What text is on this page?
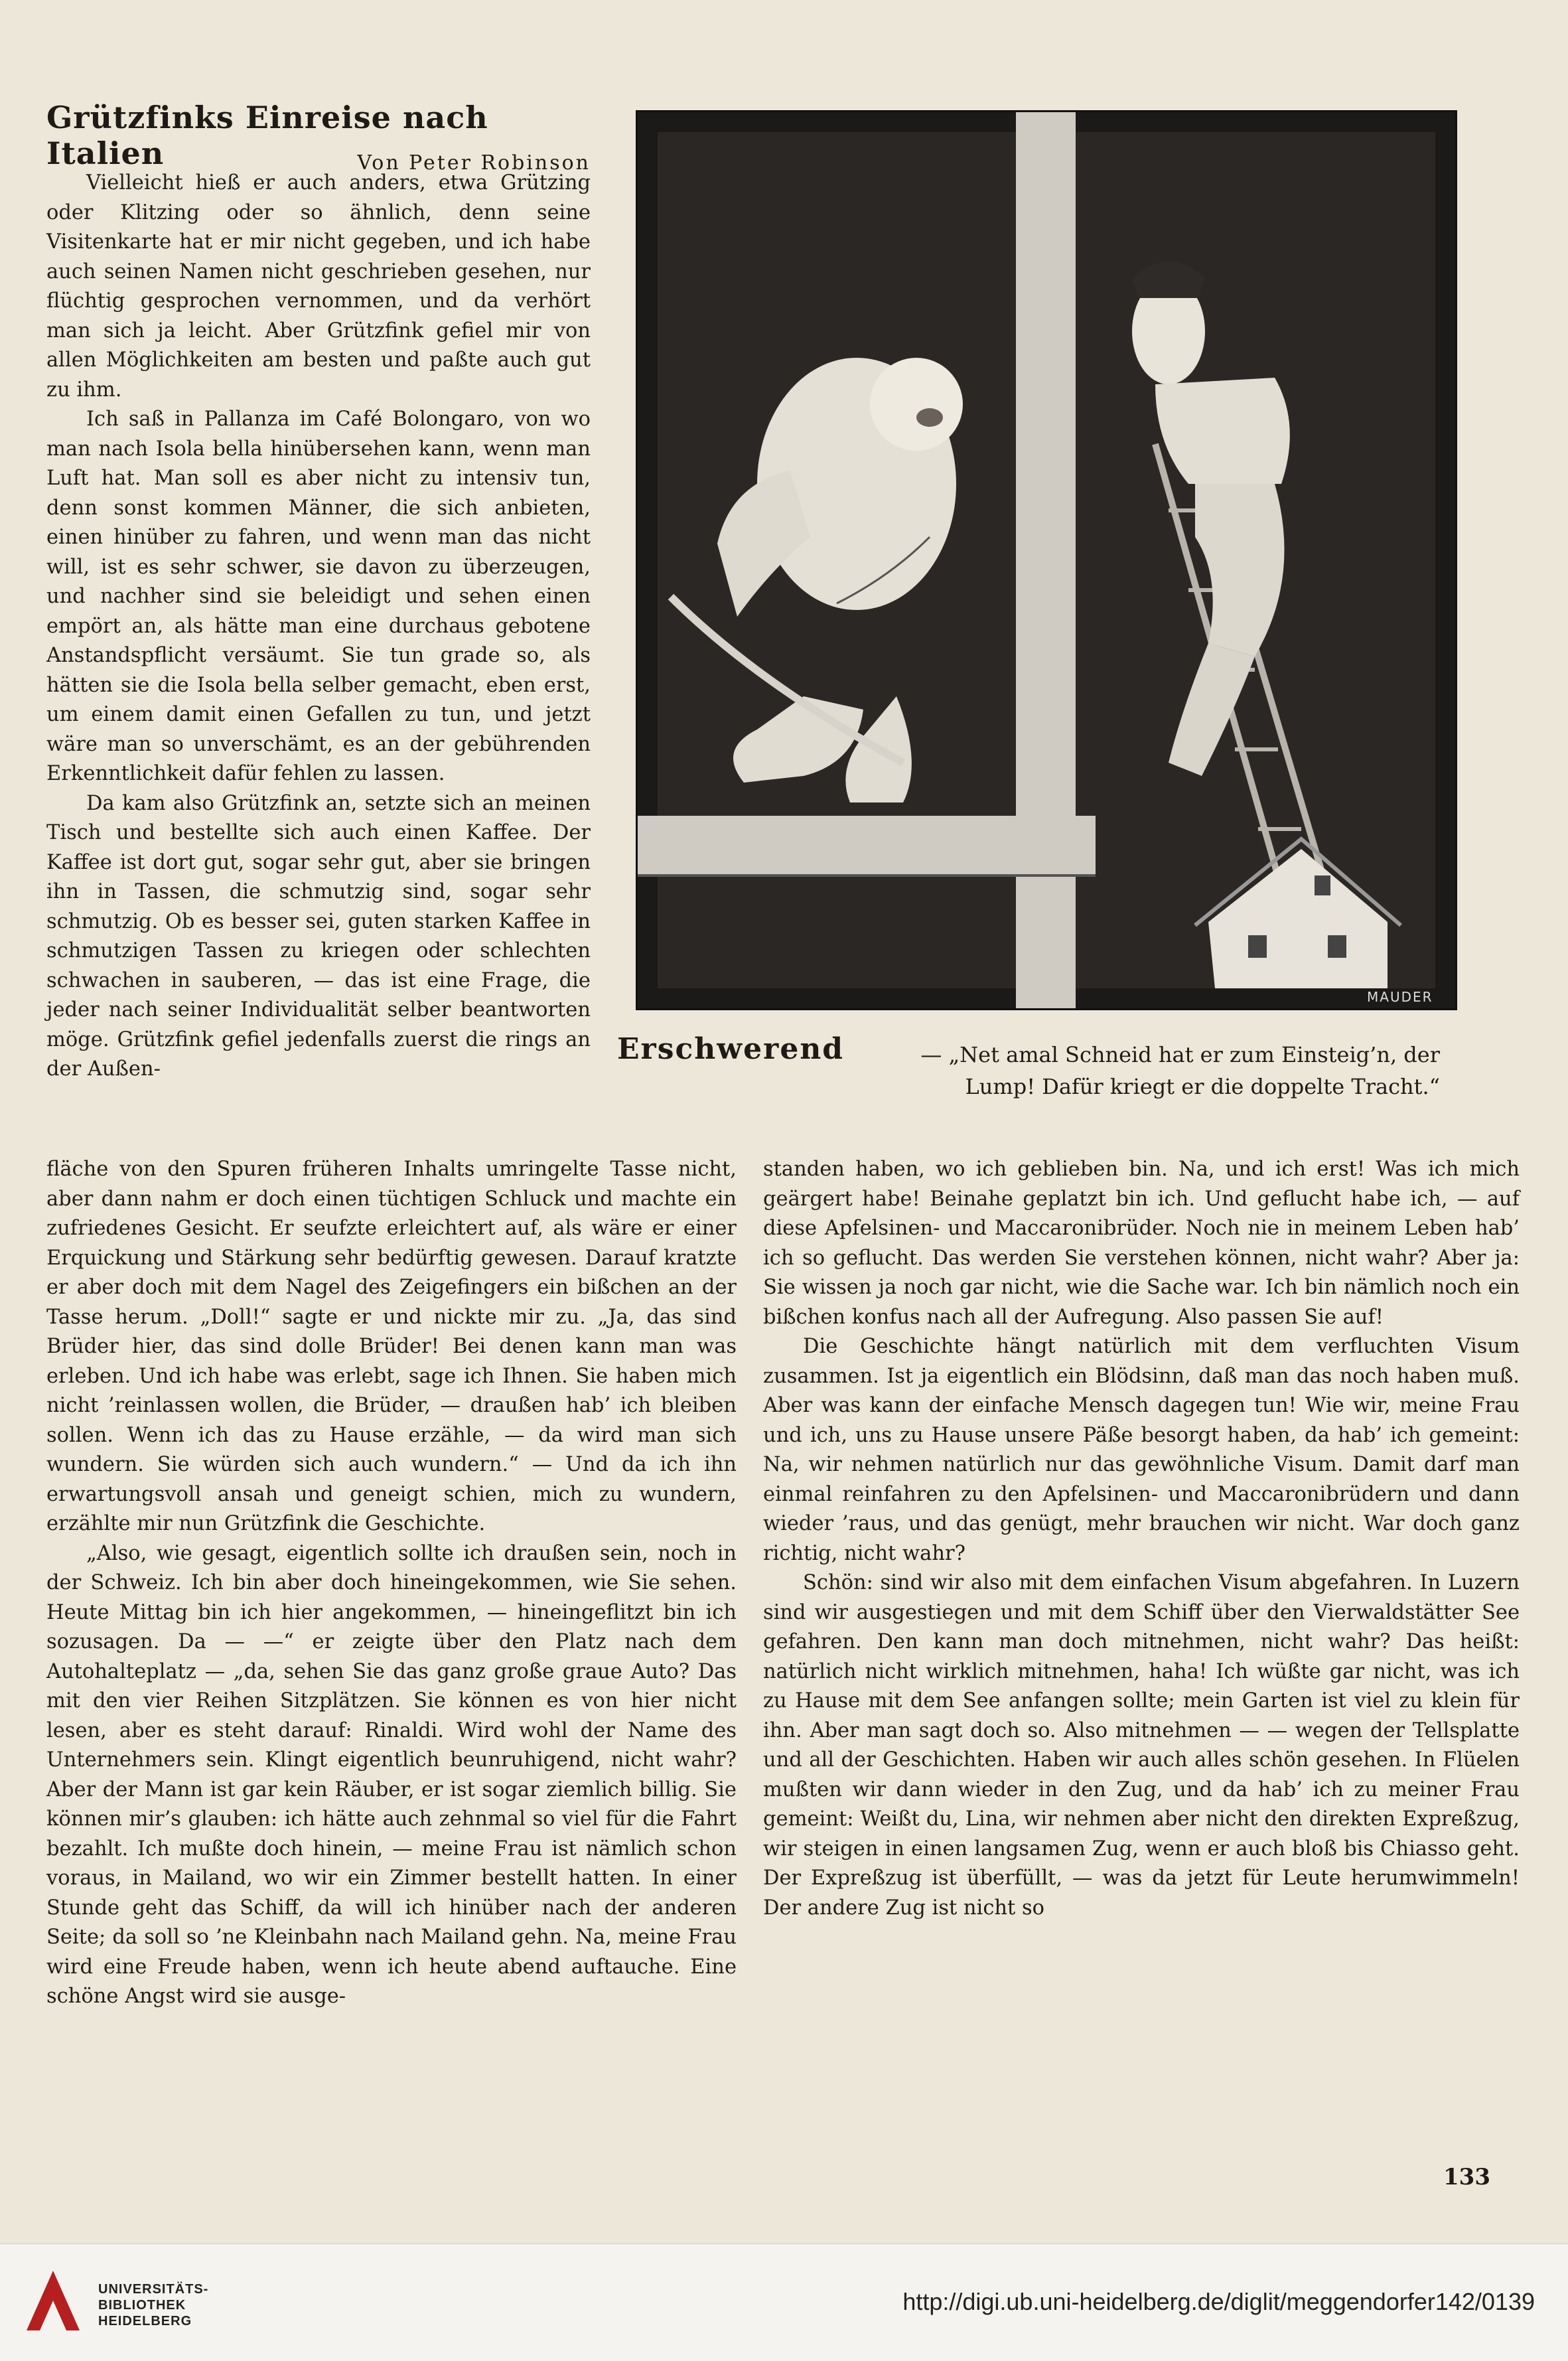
Grützfinks Einreise nach Italien	Von Peter Robinson

Vielleicht hieß er auch anders, etwa Grützing oder Klitzing oder so ähnlich, denn seine Visitenkarte hat er mir nicht gegeben, und ich habe auch seinen Namen nicht geschrieben gesehen, nur flüchtig gesprochen vernommen, und da verhört man sich ja leicht. Aber Grützfink gefiel mir von allen Möglichkeiten am besten und paßte auch gut zu ihm.

Ich saß in Pallanza im Café Bolongaro, von wo man nach Isola bella hinübersehen kann, wenn man Luft hat. Man soll es aber nicht zu intensiv tun, denn sonst kommen Männer, die sich anbieten, einen hinüber zu fahren, und wenn man das nicht will, ist es sehr schwer, sie davon zu überzeugen, und nachher sind sie beleidigt und sehen einen empört an, als hätte man eine durchaus gebotene Anstandspflicht versäumt. Sie tun grade so, als hätten sie die Isola bella selber gemacht, eben erst, um einem damit einen Gefallen zu tun, und jetzt wäre man so unverschämt, es an der gebührenden Erkenntlichkeit dafür fehlen zu lassen.

Da kam also Grützfink an, setzte sich an meinen Tisch und bestellte sich auch einen Kaffee. Der Kaffee ist dort gut, sogar sehr gut, aber sie bringen ihn in Tassen, die schmutzig sind, sogar sehr schmutzig. Ob es besser sei, guten starken Kaffee in schmutzigen Tassen zu kriegen oder schlechten schwachen in sauberen, — das ist eine Frage, die jeder nach seiner Individualität selber beantworten möge. Grützfink gefiel jedenfalls zuerst die rings an der Außen-

MAUDER
Erschwerend	— „Net amal Schneid hat er zum Einsteig’n, der Lump! Dafür kriegt er die doppelte Tracht.“

fläche von den Spuren früheren Inhalts umringelte Tasse nicht, aber dann nahm er doch einen tüchtigen Schluck und machte ein zufriedenes Gesicht. Er seufzte erleichtert auf, als wäre er einer Erquickung und Stärkung sehr bedürftig gewesen. Darauf kratzte er aber doch mit dem Nagel des Zeigefingers ein bißchen an der Tasse herum. „Doll!“ sagte er und nickte mir zu. „Ja, das sind Brüder hier, das sind dolle Brüder! Bei denen kann man was erleben. Und ich habe was erlebt, sage ich Ihnen. Sie haben mich nicht ’reinlassen wollen, die Brüder, — draußen hab’ ich bleiben sollen. Wenn ich das zu Hause erzähle, — da wird man sich wundern. Sie würden sich auch wundern.“ — Und da ich ihn erwartungsvoll ansah und geneigt schien, mich zu wundern, erzählte mir nun Grützfink die Geschichte.

„Also, wie gesagt, eigentlich sollte ich draußen sein, noch in der Schweiz. Ich bin aber doch hineingekommen, wie Sie sehen. Heute Mittag bin ich hier angekommen, — hineingeflitzt bin ich sozusagen. Da — —“ er zeigte über den Platz nach dem Autohalteplatz — „da, sehen Sie das ganz große graue Auto? Das mit den vier Reihen Sitzplätzen. Sie können es von hier nicht lesen, aber es steht darauf: Rinaldi. Wird wohl der Name des Unternehmers sein. Klingt eigentlich beunruhigend, nicht wahr? Aber der Mann ist gar kein Räuber, er ist sogar ziemlich billig. Sie können mir’s glauben: ich hätte auch zehnmal so viel für die Fahrt bezahlt. Ich mußte doch hinein, — meine Frau ist nämlich schon voraus, in Mailand, wo wir ein Zimmer bestellt hatten. In einer Stunde geht das Schiff, da will ich hinüber nach der anderen Seite; da soll so ’ne Kleinbahn nach Mailand gehn. Na, meine Frau wird eine Freude haben, wenn ich heute abend auftauche. Eine schöne Angst wird sie ausge-

standen haben, wo ich geblieben bin. Na, und ich erst! Was ich mich geärgert habe! Beinahe geplatzt bin ich. Und geflucht habe ich, — auf diese Apfelsinen- und Maccaronibrüder. Noch nie in meinem Leben hab’ ich so geflucht. Das werden Sie verstehen können, nicht wahr? Aber ja: Sie wissen ja noch gar nicht, wie die Sache war. Ich bin nämlich noch ein bißchen konfus nach all der Aufregung. Also passen Sie auf!

Die Geschichte hängt natürlich mit dem verfluchten Visum zusammen. Ist ja eigentlich ein Blödsinn, daß man das noch haben muß. Aber was kann der einfache Mensch dagegen tun! Wie wir, meine Frau und ich, uns zu Hause unsere Päße besorgt haben, da hab’ ich gemeint: Na, wir nehmen natürlich nur das gewöhnliche Visum. Damit darf man einmal reinfahren zu den Apfelsinen- und Maccaronibrüdern und dann wieder ’raus, und das genügt, mehr brauchen wir nicht. War doch ganz richtig, nicht wahr?

Schön: sind wir also mit dem einfachen Visum abgefahren. In Luzern sind wir ausgestiegen und mit dem Schiff über den Vierwaldstätter See gefahren. Den kann man doch mitnehmen, nicht wahr? Das heißt: natürlich nicht wirklich mitnehmen, haha! Ich wüßte gar nicht, was ich zu Hause mit dem See anfangen sollte; mein Garten ist viel zu klein für ihn. Aber man sagt doch so. Also mitnehmen — — wegen der Tellsplatte und all der Geschichten. Haben wir auch alles schön gesehen. In Flüelen mußten wir dann wieder in den Zug, und da hab’ ich zu meiner Frau gemeint: Weißt du, Lina, wir nehmen aber nicht den direkten Expreßzug, wir steigen in einen langsamen Zug, wenn er auch bloß bis Chiasso geht. Der Expreßzug ist überfüllt, — was da jetzt für Leute herumwimmeln! Der andere Zug ist nicht so

133
UNIVERSITÄTS-
BIBLIOTHEK
HEIDELBERG
http://digi.ub.uni-heidelberg.de/diglit/meggendorfer142/0139
